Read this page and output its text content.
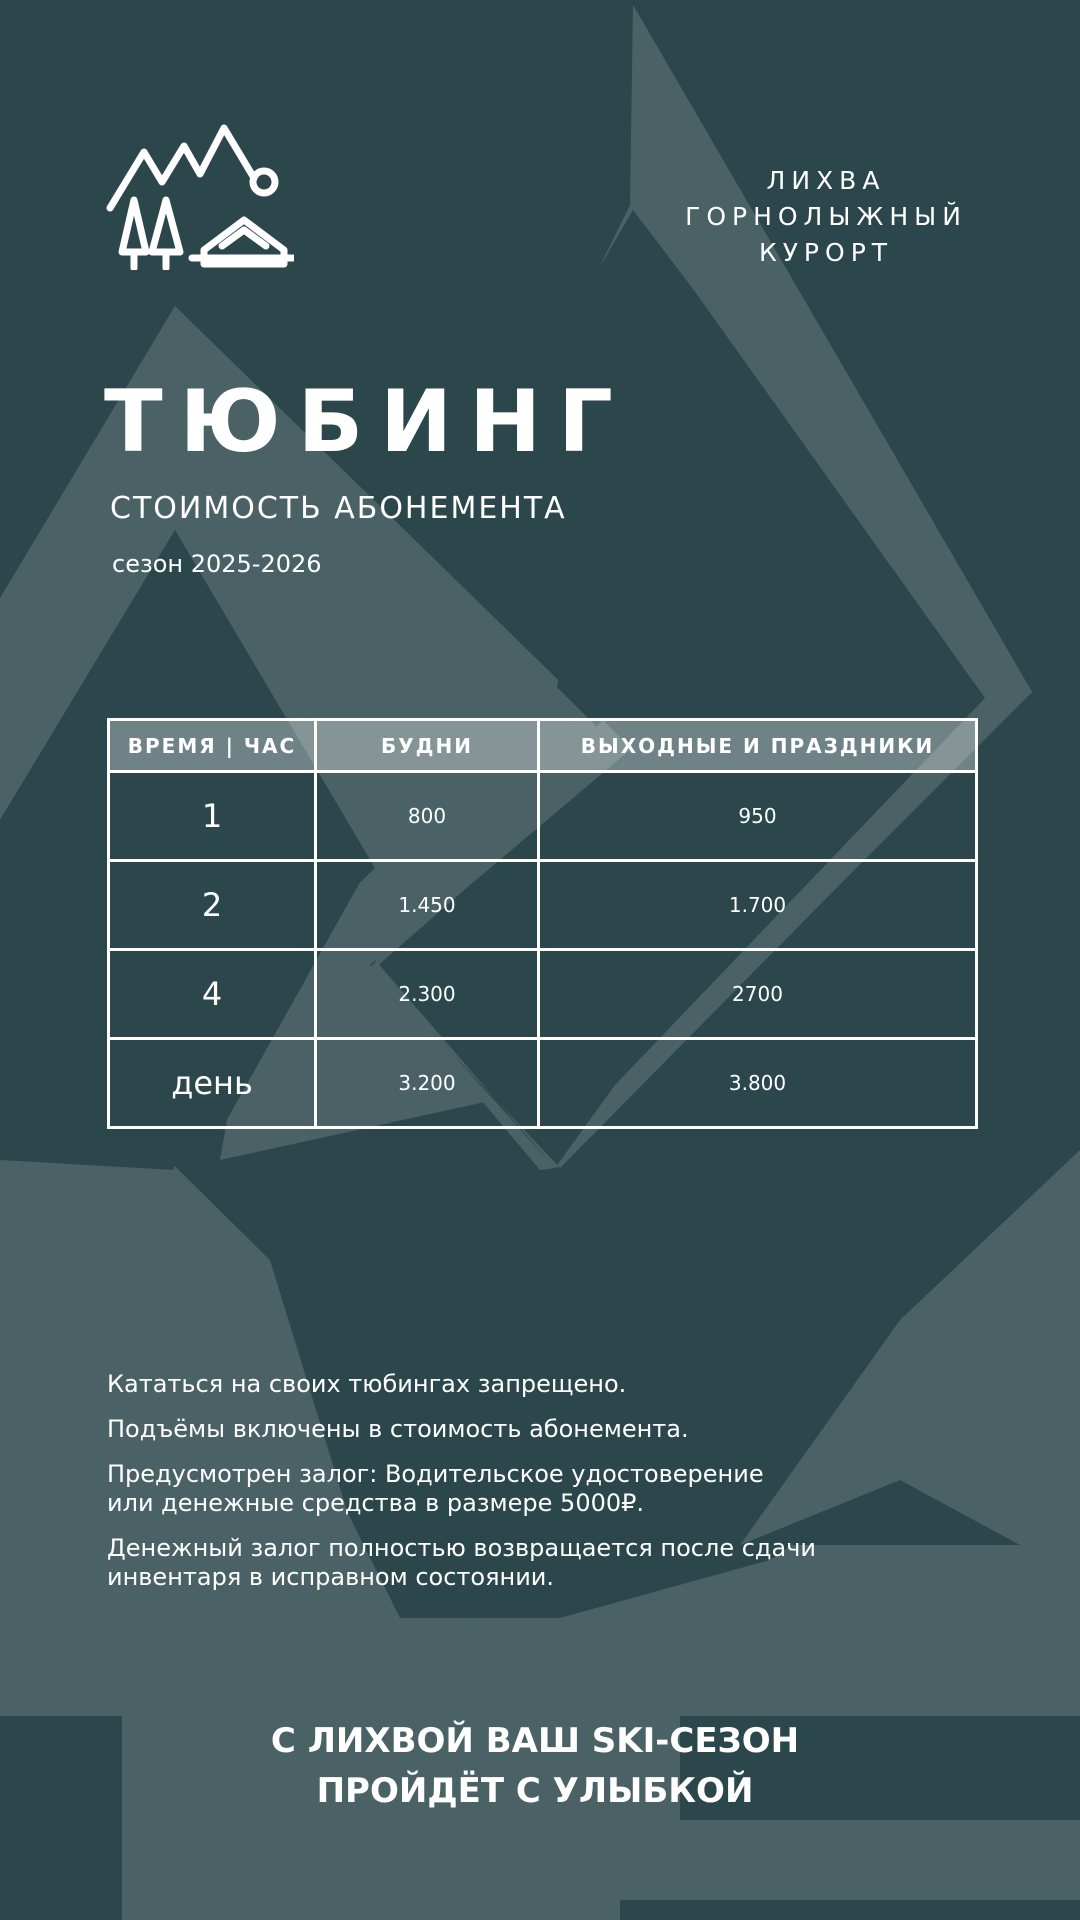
ЛИХВА
ГОРНОЛЫЖНЫЙ
КУРОРТ
ТЮБИНГ
СТОИМОСТЬ АБОНЕМЕНТА
сезон 2025-2026
ВРЕМЯ | ЧАС	БУДНИ	ВЫХОДНЫЕ И ПРАЗДНИКИ
1	800	950
2	1.450	1.700
4	2.300	2700
день	3.200	3.800

Кататься на своих тюбингах запрещено.

Подъёмы включены в стоимость абонемента.

Предусмотрен залог: Водительское удостоверение
или денежные средства в размере 5000₽.

Денежный залог полностью возвращается после сдачи
инвентаря в исправном состоянии.

С ЛИХВОЙ ВАШ SKI-СЕЗОН
ПРОЙДЁТ С УЛЫБКОЙ
